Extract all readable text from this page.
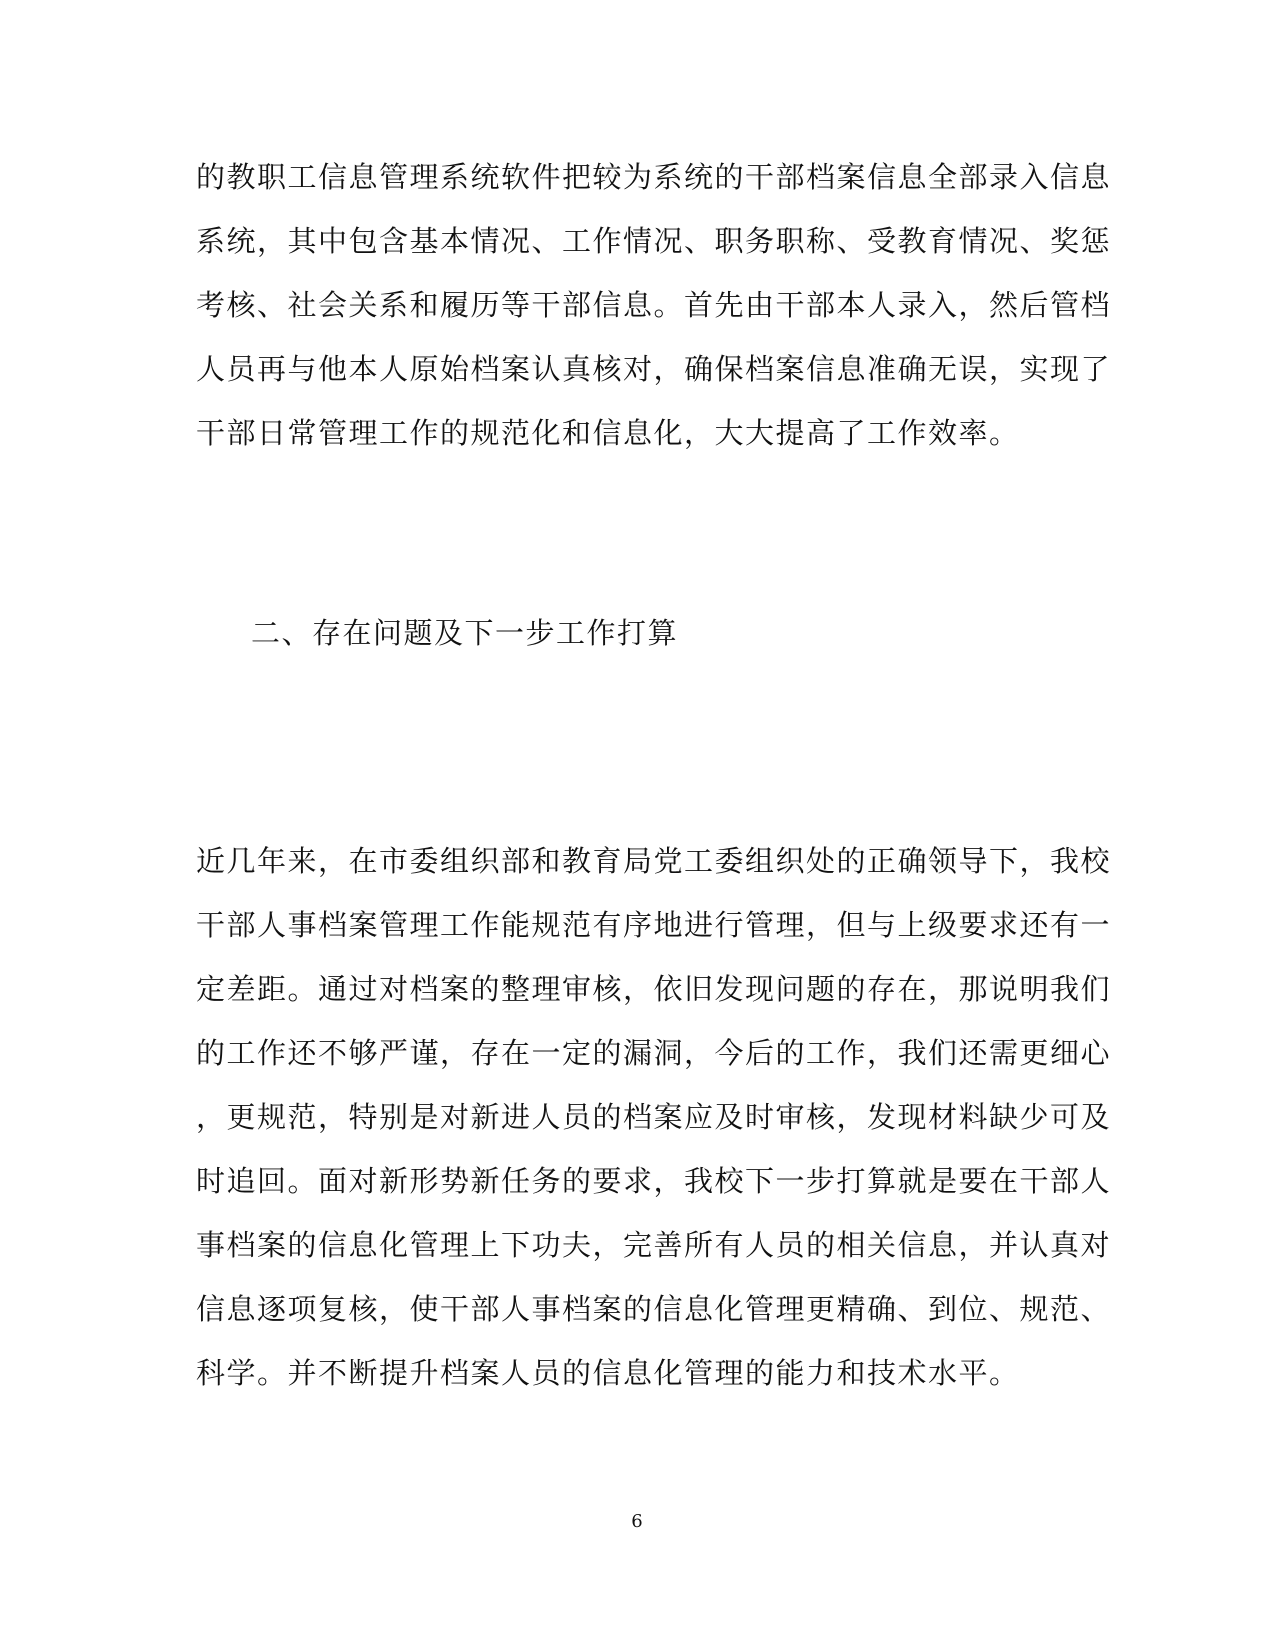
的教职工信息管理系统软件把较为系统的干部档案信息全部录入信息
系统，其中包含基本情况、工作情况、职务职称、受教育情况、奖惩
考核、社会关系和履历等干部信息。首先由干部本人录入，然后管档
人员再与他本人原始档案认真核对，确保档案信息准确无误，实现了
干部日常管理工作的规范化和信息化，大大提高了工作效率。
二、存在问题及下一步工作打算
近几年来，在市委组织部和教育局党工委组织处的正确领导下，我校
干部人事档案管理工作能规范有序地进行管理，但与上级要求还有一
定差距。通过对档案的整理审核，依旧发现问题的存在，那说明我们
的工作还不够严谨，存在一定的漏洞，今后的工作，我们还需更细心
，更规范，特别是对新进人员的档案应及时审核，发现材料缺少可及
时追回。面对新形势新任务的要求，我校下一步打算就是要在干部人
事档案的信息化管理上下功夫，完善所有人员的相关信息，并认真对
信息逐项复核，使干部人事档案的信息化管理更精确、到位、规范、
科学。并不断提升档案人员的信息化管理的能力和技术水平。
6
